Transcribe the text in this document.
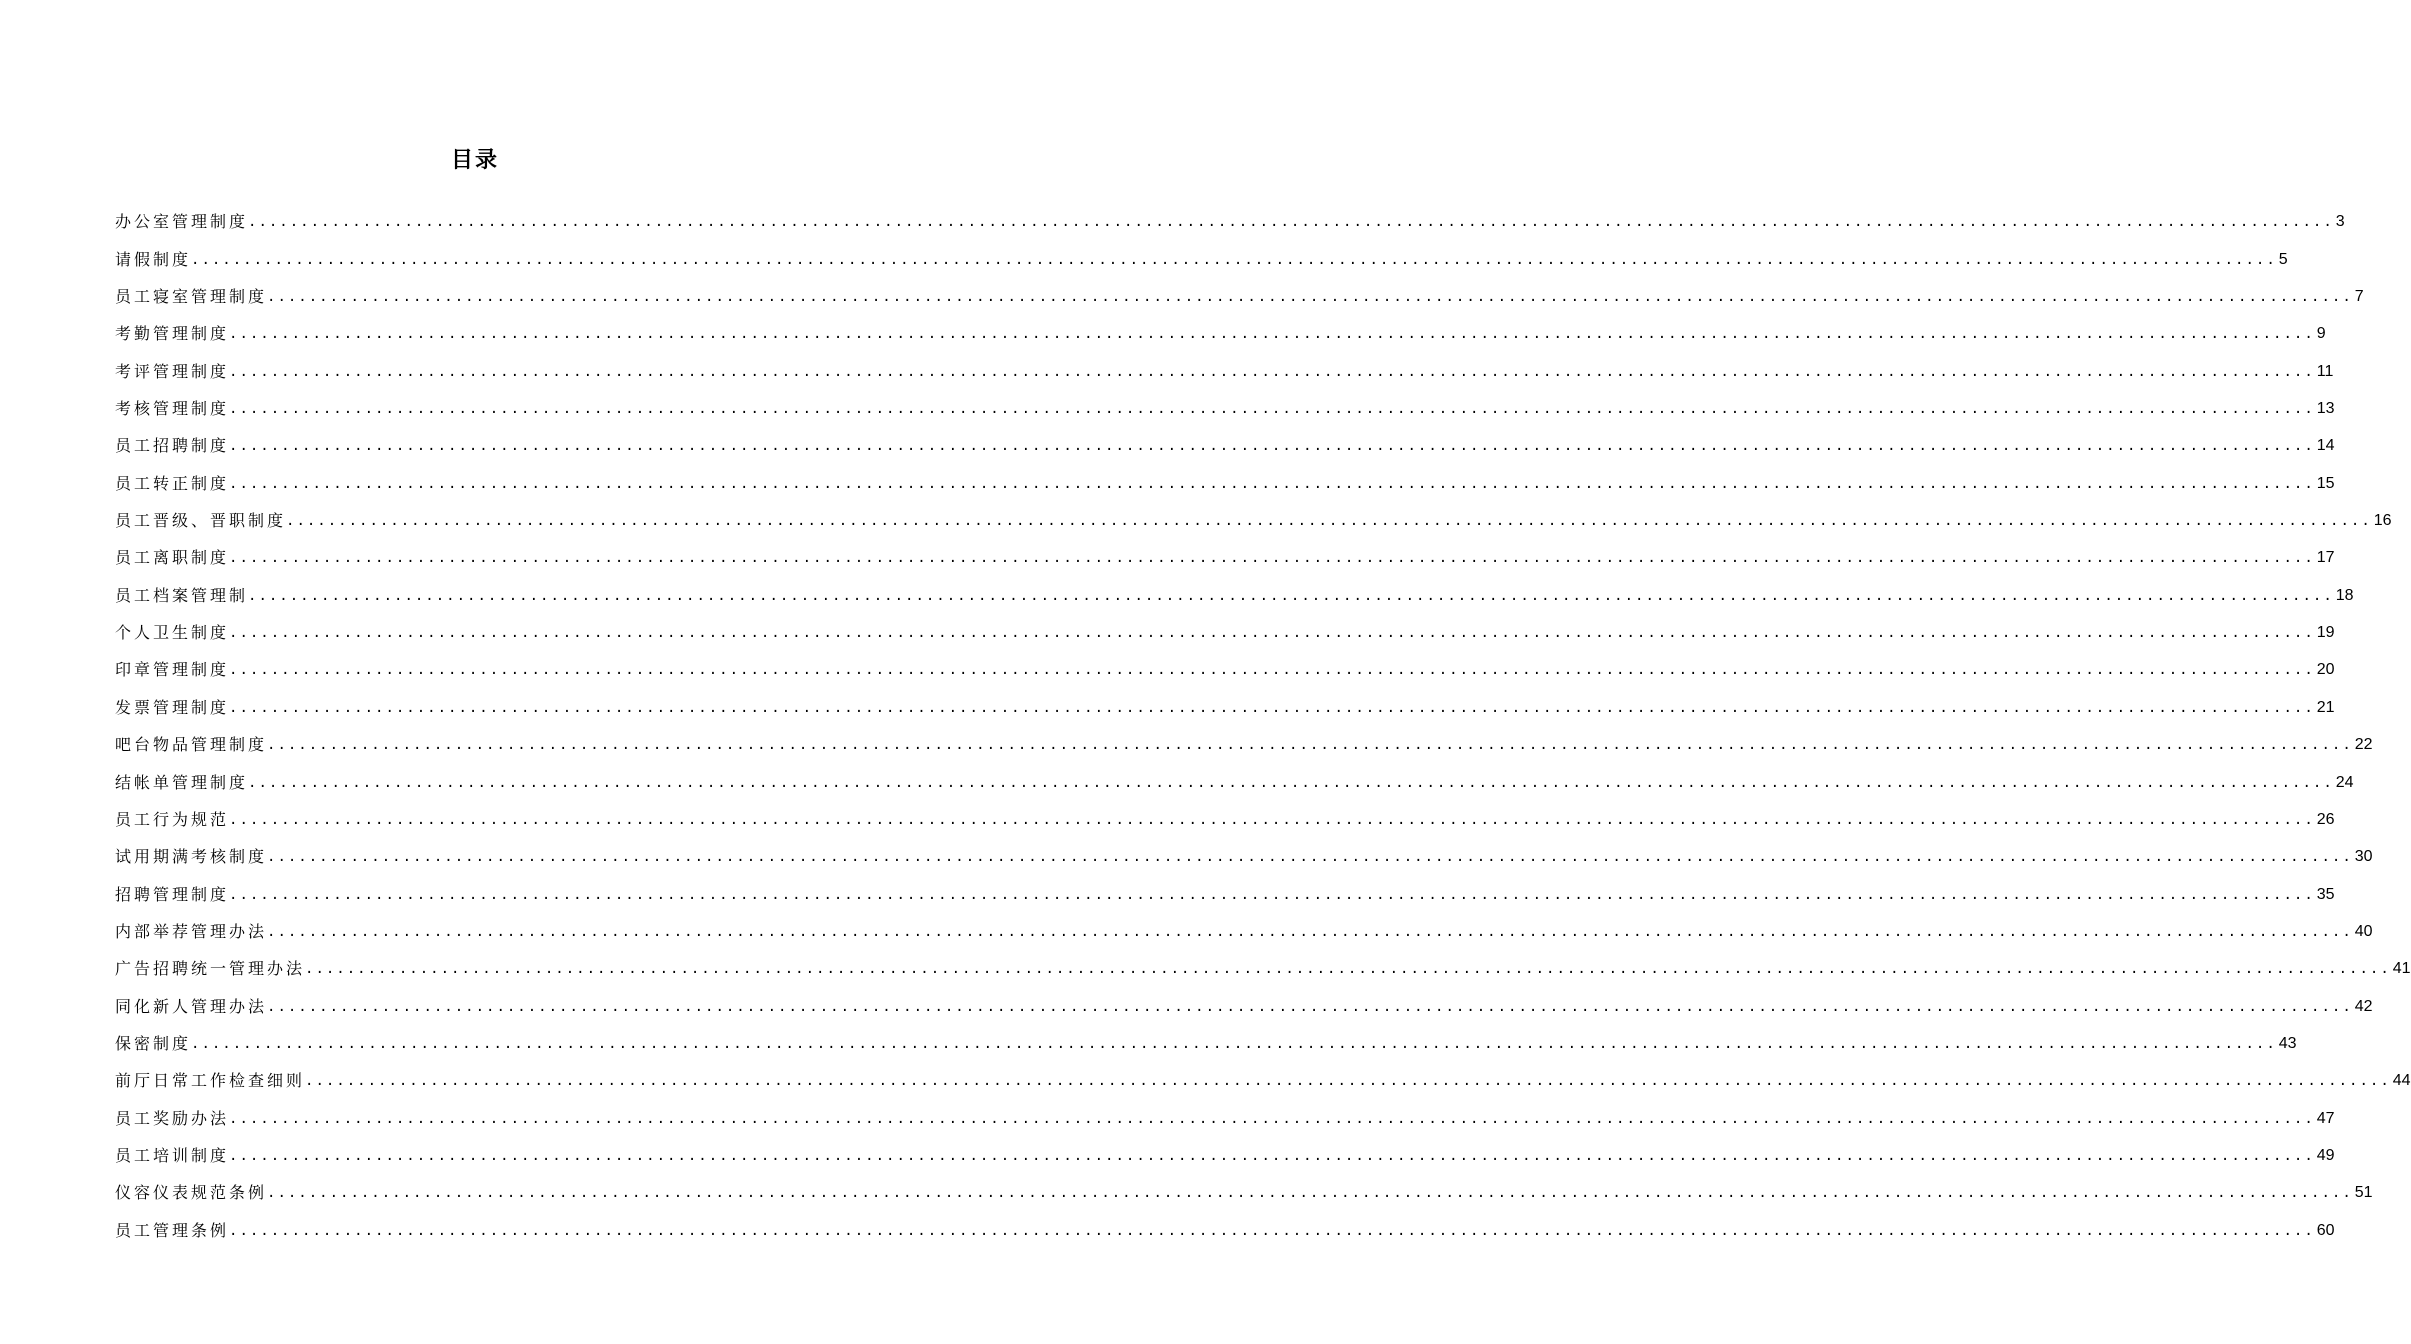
目录
办公室管理制度 ........................................................................................................................................................................................................ 3
请假制度 ........................................................................................................................................................................................................ 5
员工寝室管理制度 ........................................................................................................................................................................................................ 7
考勤管理制度 ........................................................................................................................................................................................................ 9
考评管理制度 ........................................................................................................................................................................................................ 11
考核管理制度 ........................................................................................................................................................................................................ 13
员工招聘制度 ........................................................................................................................................................................................................ 14
员工转正制度 ........................................................................................................................................................................................................ 15
员工晋级、晋职制度 ........................................................................................................................................................................................................ 16
员工离职制度 ........................................................................................................................................................................................................ 17
员工档案管理制 ........................................................................................................................................................................................................ 18
个人卫生制度 ........................................................................................................................................................................................................ 19
印章管理制度 ........................................................................................................................................................................................................ 20
发票管理制度 ........................................................................................................................................................................................................ 21
吧台物品管理制度 ........................................................................................................................................................................................................ 22
结帐单管理制度 ........................................................................................................................................................................................................ 24
员工行为规范 ........................................................................................................................................................................................................ 26
试用期满考核制度 ........................................................................................................................................................................................................ 30
招聘管理制度 ........................................................................................................................................................................................................ 35
内部举荐管理办法 ........................................................................................................................................................................................................ 40
广告招聘统一管理办法 ........................................................................................................................................................................................................ 41
同化新人管理办法 ........................................................................................................................................................................................................ 42
保密制度 ........................................................................................................................................................................................................ 43
前厅日常工作检查细则 ........................................................................................................................................................................................................ 44
员工奖励办法 ........................................................................................................................................................................................................ 47
员工培训制度 ........................................................................................................................................................................................................ 49
仪容仪表规范条例 ........................................................................................................................................................................................................ 51
员工管理条例 ........................................................................................................................................................................................................ 60
